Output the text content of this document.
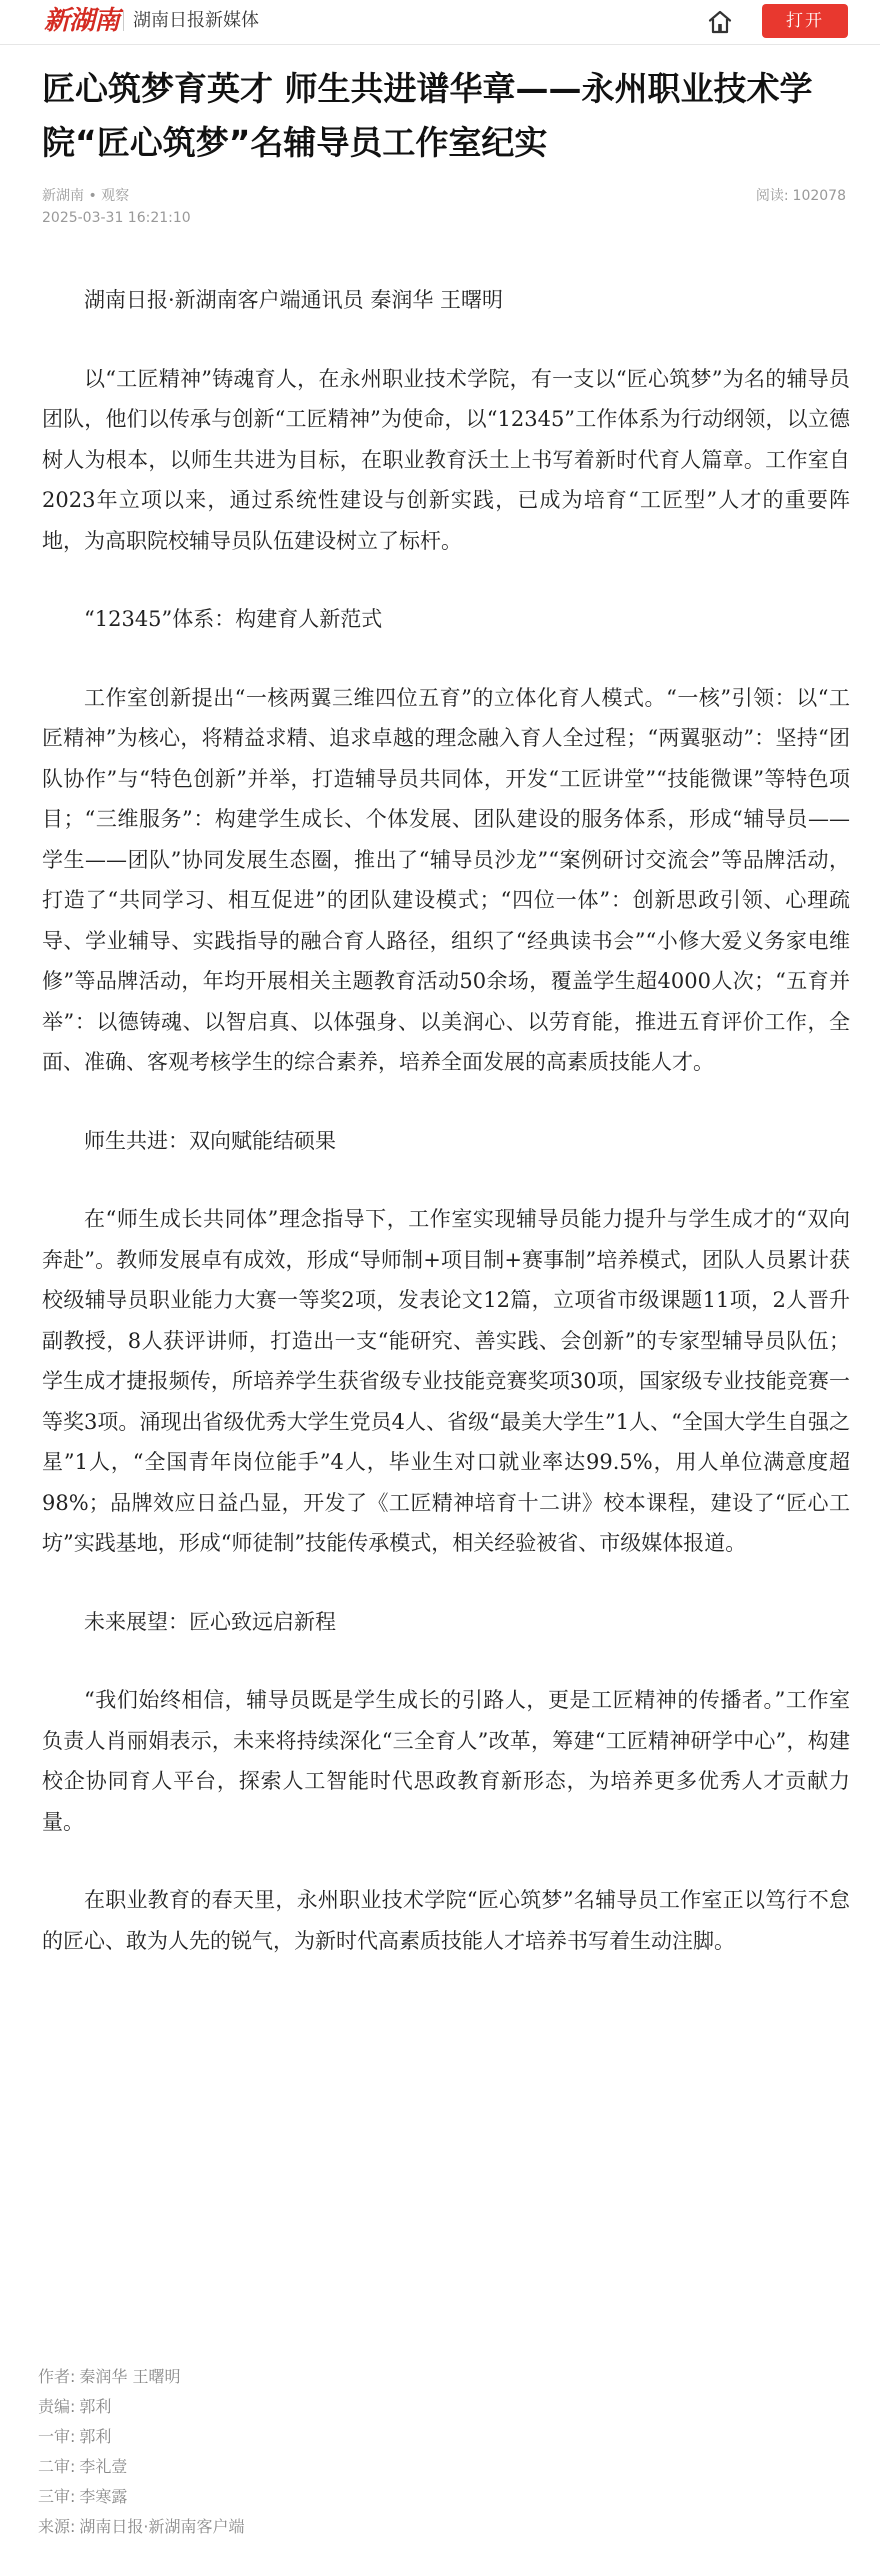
新湖南 湖南日报新媒体	打开
匠心筑梦育英才 师生共进谱华章——永州职业技术学院“匠心筑梦”名辅导员工作室纪实
新湖南 • 观察
2025-03-31 16:21:10
阅读: 102078

湖南日报·新湖南客户端通讯员 秦润华 王曙明

以“工匠精神”铸魂育人，在永州职业技术学院，有一支以“匠心筑梦”为名的辅导员团队，他们以传承与创新“工匠精神”为使命，以“12345”工作体系为行动纲领，以立德树人为根本，以师生共进为目标，在职业教育沃土上书写着新时代育人篇章。工作室自2023年立项以来，通过系统性建设与创新实践，已成为培育“工匠型”人才的重要阵地，为高职院校辅导员队伍建设树立了标杆。

“12345”体系：构建育人新范式

工作室创新提出“一核两翼三维四位五育”的立体化育人模式。“一核”引领：以“工匠精神”为核心，将精益求精、追求卓越的理念融入育人全过程；“两翼驱动”：坚持“团队协作”与“特色创新”并举，打造辅导员共同体，开发“工匠讲堂”“技能微课”等特色项目；“三维服务”：构建学生成长、个体发展、团队建设的服务体系，形成“辅导员——学生——团队”协同发展生态圈，推出了“辅导员沙龙”“案例研讨交流会”等品牌活动，打造了“共同学习、相互促进”的团队建设模式；“四位一体”：创新思政引领、心理疏导、学业辅导、实践指导的融合育人路径，组织了“经典读书会”“小修大爱义务家电维修”等品牌活动，年均开展相关主题教育活动50余场，覆盖学生超4000人次；“五育并举”：以德铸魂、以智启真、以体强身、以美润心、以劳育能，推进五育评价工作，全面、准确、客观考核学生的综合素养，培养全面发展的高素质技能人才。

师生共进：双向赋能结硕果

在“师生成长共同体”理念指导下，工作室实现辅导员能力提升与学生成才的“双向奔赴”。教师发展卓有成效，形成“导师制+项目制+赛事制”培养模式，团队人员累计获校级辅导员职业能力大赛一等奖2项，发表论文12篇，立项省市级课题11项，2人晋升副教授，8人获评讲师，打造出一支“能研究、善实践、会创新”的专家型辅导员队伍；学生成才捷报频传，所培养学生获省级专业技能竞赛奖项30项，国家级专业技能竞赛一等奖3项。涌现出省级优秀大学生党员4人、省级“最美大学生”1人、“全国大学生自强之星”1人，“全国青年岗位能手”4人，毕业生对口就业率达99.5%，用人单位满意度超98%；品牌效应日益凸显，开发了《工匠精神培育十二讲》校本课程，建设了“匠心工坊”实践基地，形成“师徒制”技能传承模式，相关经验被省、市级媒体报道。

未来展望：匠心致远启新程

“我们始终相信，辅导员既是学生成长的引路人，更是工匠精神的传播者。”工作室负责人肖丽娟表示，未来将持续深化“三全育人”改革，筹建“工匠精神研学中心”，构建校企协同育人平台，探索人工智能时代思政教育新形态，为培养更多优秀人才贡献力量。

在职业教育的春天里，永州职业技术学院“匠心筑梦”名辅导员工作室正以笃行不怠的匠心、敢为人先的锐气，为新时代高素质技能人才培养书写着生动注脚。

作者: 秦润华 王曙明
责编: 郭利
一审: 郭利
二审: 李礼壹
三审: 李寒露
来源: 湖南日报·新湖南客户端
